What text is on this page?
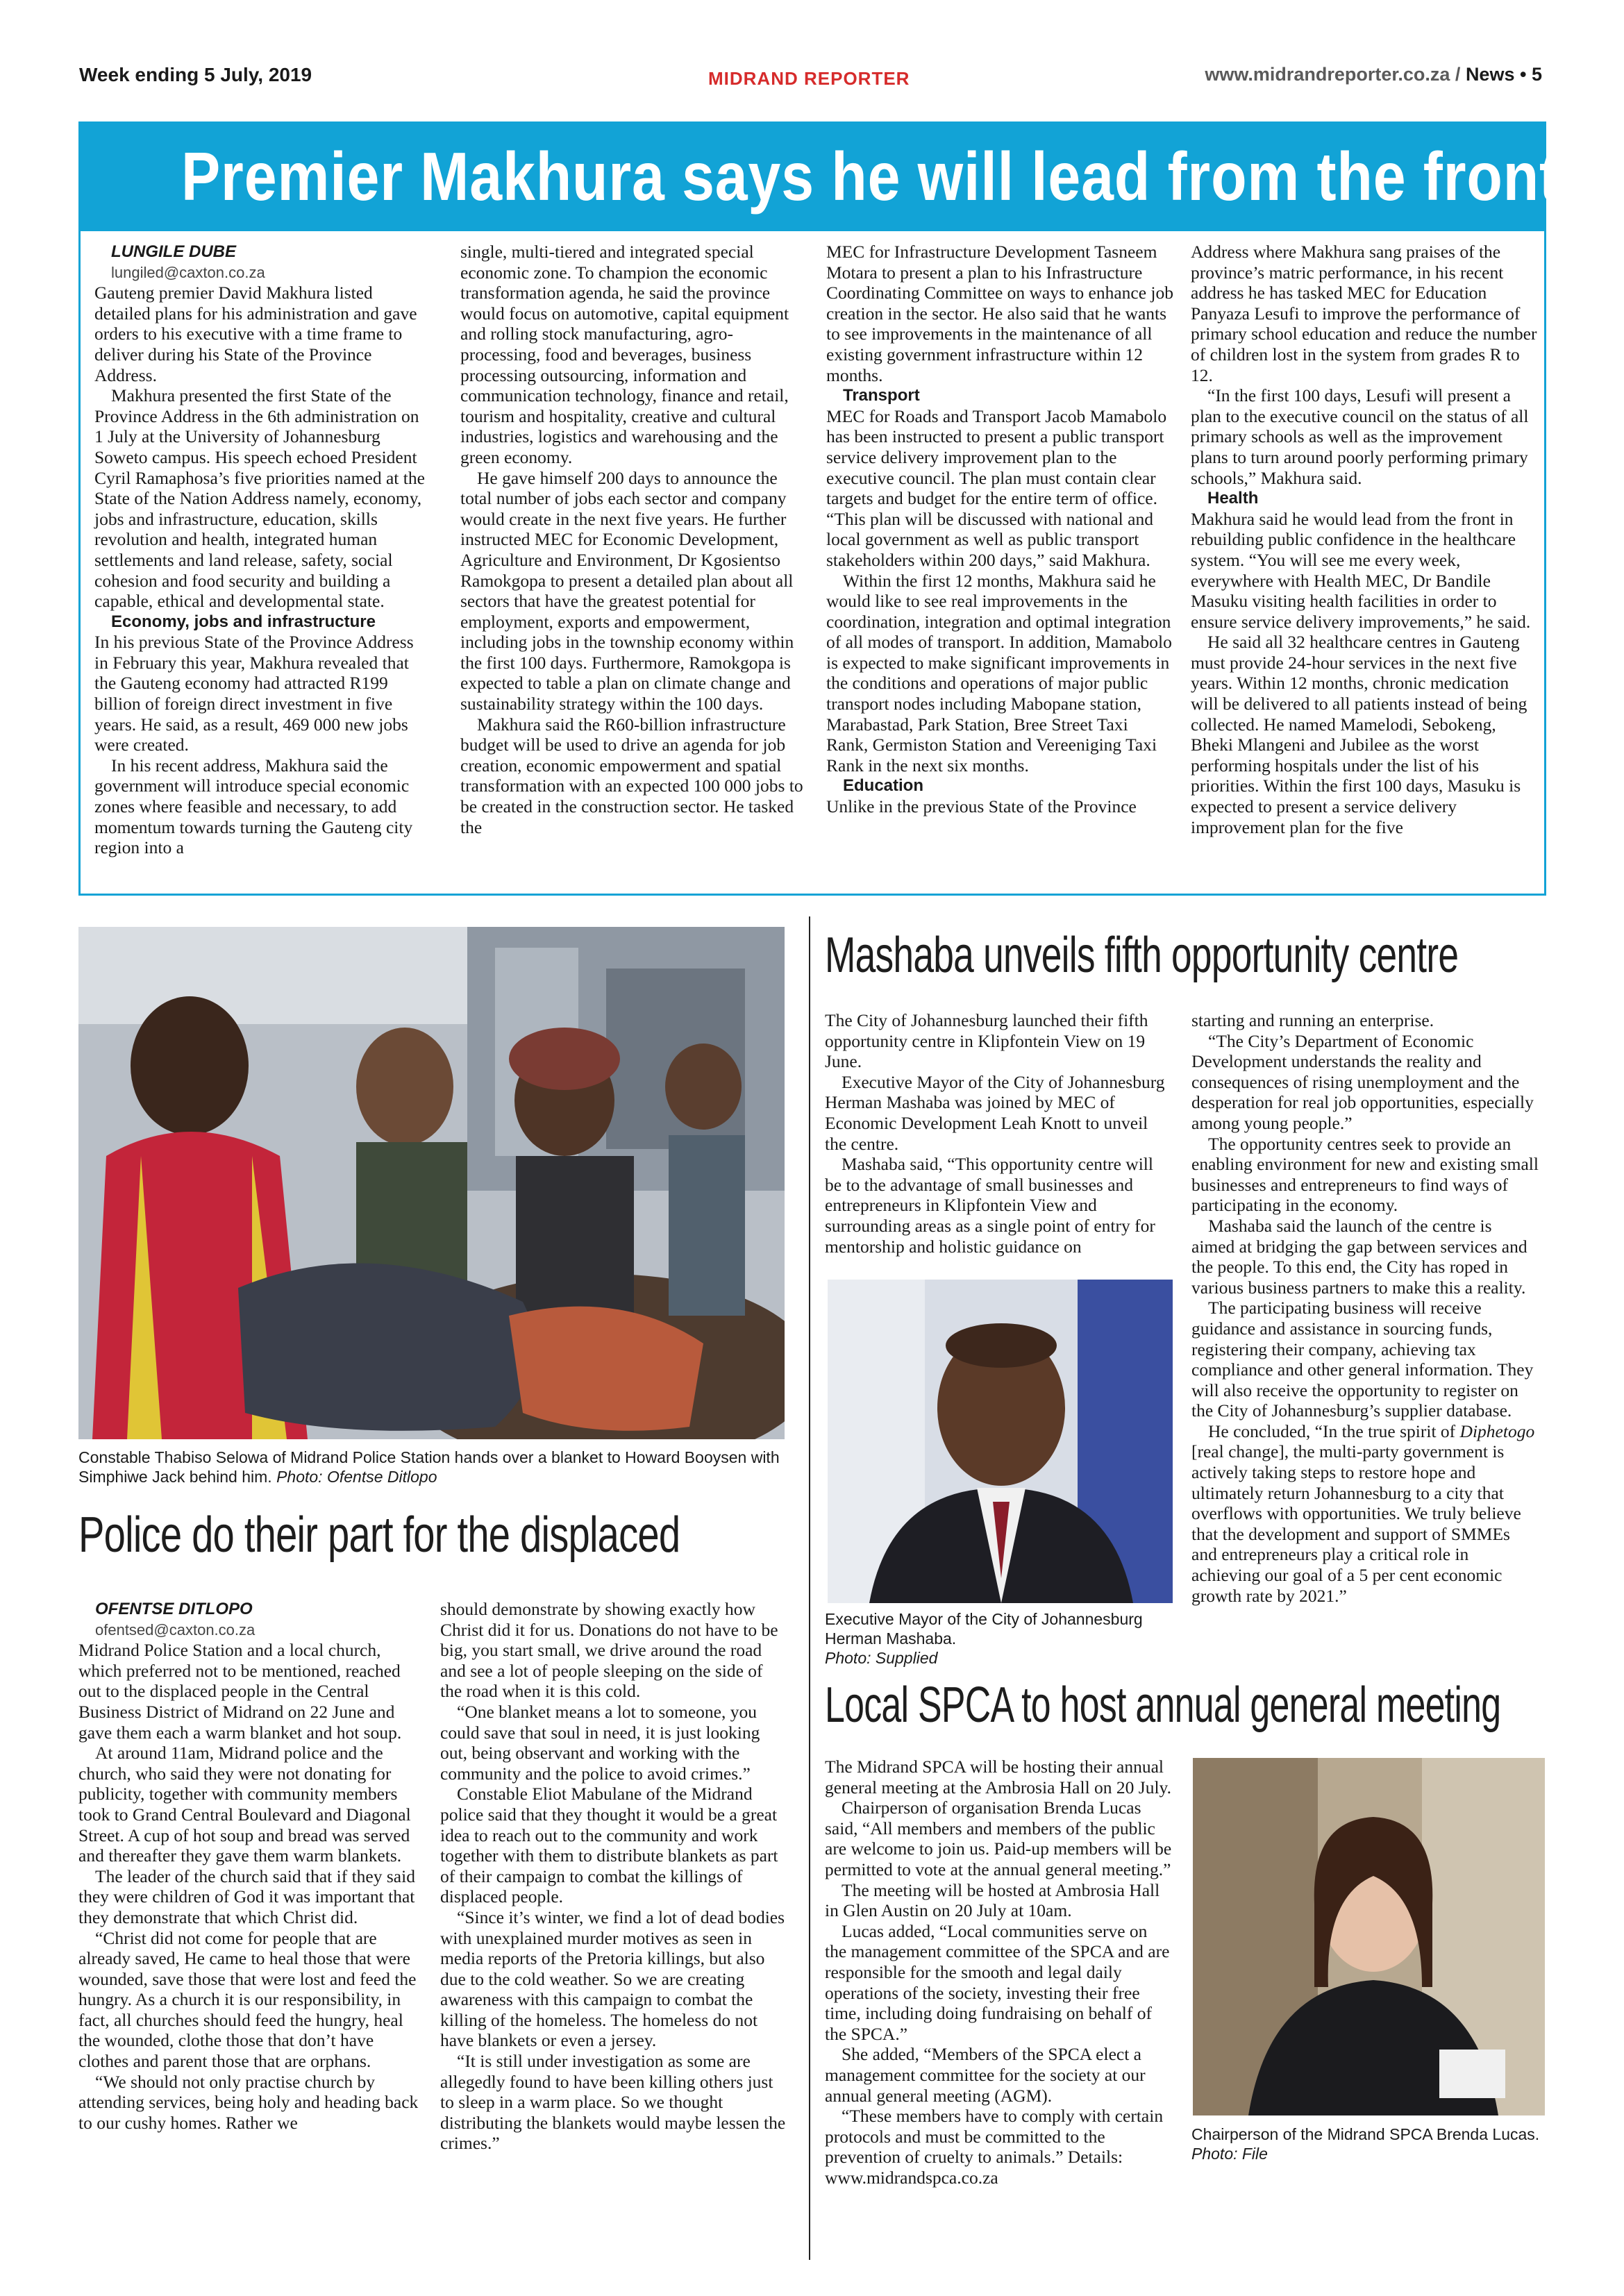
Week ending 5 July, 2019	MIDRAND REPORTER	www.midrandreporter.co.za / News • 5
Premier Makhura says he will lead from the front

LUNGILE DUBE

lungiled@caxton.co.za

Gauteng premier David Makhura listed detailed plans for his administration and gave orders to his executive with a time frame to deliver during his State of the Province Address.

Makhura presented the first State of the Province Address in the 6th administration on 1 July at the University of Johannesburg Soweto campus. His speech echoed President Cyril Ramaphosa’s five priorities named at the State of the Nation Address namely, economy, jobs and infrastructure, education, skills revolution and health, integrated human settlements and land release, safety, social cohesion and food security and building a capable, ethical and developmental state.

Economy, jobs and infrastructure

In his previous State of the Province Address in February this year, Makhura revealed that the Gauteng economy had attracted R199 billion of foreign direct investment in five years. He said, as a result, 469 000 new jobs were created.

In his recent address, Makhura said the government will introduce special economic zones where feasible and necessary, to add momentum towards turning the Gauteng city region into a

single, multi-tiered and integrated special economic zone. To champion the economic transformation agenda, he said the province would focus on automotive, capital equipment and rolling stock manufacturing, agro-processing, food and beverages, business processing outsourcing, information and communication technology, finance and retail, tourism and hospitality, creative and cultural industries, logistics and warehousing and the green economy.

He gave himself 200 days to announce the total number of jobs each sector and company would create in the next five years. He further instructed MEC for Economic Development, Agriculture and Environment, Dr Kgosientso Ramokgopa to present a detailed plan about all sectors that have the greatest potential for employment, exports and empowerment, including jobs in the township economy within the first 100 days. Furthermore, Ramokgopa is expected to table a plan on climate change and sustainability strategy within the 100 days.

Makhura said the R60-billion infrastructure budget will be used to drive an agenda for job creation, economic empowerment and spatial transformation with an expected 100 000 jobs to be created in the construction sector. He tasked the

MEC for Infrastructure Development Tasneem Motara to present a plan to his Infrastructure Coordinating Committee on ways to enhance job creation in the sector. He also said that he wants to see improvements in the maintenance of all existing government infrastructure within 12 months.

Transport

MEC for Roads and Transport Jacob Mamabolo has been instructed to present a public transport service delivery improvement plan to the executive council. The plan must contain clear targets and budget for the entire term of office. “This plan will be discussed with national and local government as well as public transport stakeholders within 200 days,” said Makhura.

Within the first 12 months, Makhura said he would like to see real improvements in the coordination, integration and optimal integration of all modes of transport. In addition, Mamabolo is expected to make significant improvements in the conditions and operations of major public transport nodes including Mabopane station, Marabastad, Park Station, Bree Street Taxi Rank, Germiston Station and Vereeniging Taxi Rank in the next six months.

Education

Unlike in the previous State of the Province

Address where Makhura sang praises of the province’s matric performance, in his recent address he has tasked MEC for Education Panyaza Lesufi to improve the performance of primary school education and reduce the number of children lost in the system from grades R to 12.

“In the first 100 days, Lesufi will present a plan to the executive council on the status of all primary schools as well as the improvement plans to turn around poorly performing primary schools,” Makhura said.

Health

Makhura said he would lead from the front in rebuilding public confidence in the healthcare system. “You will see me every week, everywhere with Health MEC, Dr Bandile Masuku visiting health facilities in order to ensure service delivery improvements,” he said.

He said all 32 healthcare centres in Gauteng must provide 24-hour services in the next five years. Within 12 months, chronic medication will be delivered to all patients instead of being collected. He named Mamelodi, Sebokeng, Bheki Mlangeni and Jubilee as the worst performing hospitals under the list of his priorities. Within the first 100 days, Masuku is expected to present a service delivery improvement plan for the five

Constable Thabiso Selowa of Midrand Police Station hands over a blanket to Howard Booysen with Simphiwe Jack behind him. Photo: Ofentse Ditlopo
Police do their part for the displaced

OFENTSE DITLOPO

ofentsed@caxton.co.za

Midrand Police Station and a local church, which preferred not to be mentioned, reached out to the displaced people in the Central Business District of Midrand on 22 June and gave them each a warm blanket and hot soup.

At around 11am, Midrand police and the church, who said they were not donating for publicity, together with community members took to Grand Central Boulevard and Diagonal Street. A cup of hot soup and bread was served and thereafter they gave them warm blankets.

The leader of the church said that if they said they were children of God it was important that they demonstrate that which Christ did.

“Christ did not come for people that are already saved, He came to heal those that were wounded, save those that were lost and feed the hungry. As a church it is our responsibility, in fact, all churches should feed the hungry, heal the wounded, clothe those that don’t have clothes and parent those that are orphans.

“We should not only practise church by attending services, being holy and heading back to our cushy homes. Rather we

should demonstrate by showing exactly how Christ did it for us. Donations do not have to be big, you start small, we drive around the road and see a lot of people sleeping on the side of the road when it is this cold.

“One blanket means a lot to someone, you could save that soul in need, it is just looking out, being observant and working with the community and the police to avoid crimes.”

Constable Eliot Mabulane of the Midrand police said that they thought it would be a great idea to reach out to the community and work together with them to distribute blankets as part of their campaign to combat the killings of displaced people.

“Since it’s winter, we find a lot of dead bodies with unexplained murder motives as seen in media reports of the Pretoria killings, but also due to the cold weather. So we are creating awareness with this campaign to combat the killing of the homeless. The homeless do not have blankets or even a jersey.

“It is still under investigation as some are allegedly found to have been killing others just to sleep in a warm place. So we thought distributing the blankets would maybe lessen the crimes.”

Mashaba unveils fifth opportunity centre

The City of Johannesburg launched their fifth opportunity centre in Klipfontein View on 19 June.

Executive Mayor of the City of Johannesburg Herman Mashaba was joined by MEC of Economic Development Leah Knott to unveil the centre.

Mashaba said, “This opportunity centre will be to the advantage of small businesses and entrepreneurs in Klipfontein View and surrounding areas as a single point of entry for mentorship and holistic guidance on

Executive Mayor of the City of Johannesburg Herman Mashaba.
Photo: Supplied

starting and running an enterprise.

“The City’s Department of Economic Development understands the reality and consequences of rising unemployment and the desperation for real job opportunities, especially among young people.”

The opportunity centres seek to provide an enabling environment for new and existing small businesses and entrepreneurs to find ways of participating in the economy.

Mashaba said the launch of the centre is aimed at bridging the gap between services and the people. To this end, the City has roped in various business partners to make this a reality.

The participating business will receive guidance and assistance in sourcing funds, registering their company, achieving tax compliance and other general information. They will also receive the opportunity to register on the City of Johannesburg’s supplier database.

He concluded, “In the true spirit of Diphetogo [real change], the multi-party government is actively taking steps to restore hope and ultimately return Johannesburg to a city that overflows with opportunities. We truly believe that the development and support of SMMEs and entrepreneurs play a critical role in achieving our goal of a 5 per cent economic growth rate by 2021.”

Local SPCA to host annual general meeting

The Midrand SPCA will be hosting their annual general meeting at the Ambrosia Hall on 20 July.

Chairperson of organisation Brenda Lucas said, “All members and members of the public are welcome to join us. Paid-up members will be permitted to vote at the annual general meeting.”

The meeting will be hosted at Ambrosia Hall in Glen Austin on 20 July at 10am.

Lucas added, “Local communities serve on the management committee of the SPCA and are responsible for the smooth and legal daily operations of the society, investing their free time, including doing fundraising on behalf of the SPCA.”

She added, “Members of the SPCA elect a management committee for the society at our annual general meeting (AGM).

“These members have to comply with certain protocols and must be committed to the prevention of cruelty to animals.” Details: www.midrandspca.co.za

Chairperson of the Midrand SPCA Brenda Lucas. Photo: File
